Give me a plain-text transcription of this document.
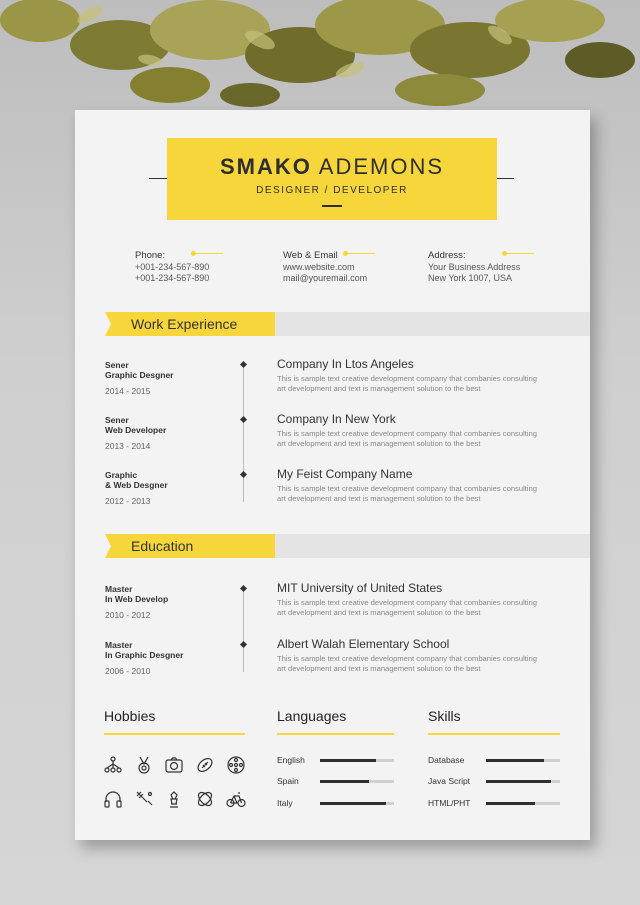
SMAKO ADEMONS
DESIGNER / DEVELOPER
Phone:
+001-234-567-890
+001-234-567-890
Web & Email
www.website.com
mail@youremail.com
Address:
Your Business Address
New York 1007, USA
Work Experience
Sener
Graphic Desgner
2014 - 2015
Company In Ltos Angeles
This is sample text creative development company that combanies consulting
art development and text is management solution to the best
Sener
Web Developer
2013 - 2014
Company In New York
This is sample text creative development company that combanies consulting
art development and text is management solution to the best
Graphic
& Web Desgner
2012 - 2013
My Feist Company Name
This is sample text creative development company that combanies consulting
art development and text is management solution to the best
Education
Master
In Web Develop
2010 - 2012
MIT University of United States
This is sample text creative development company that combanies consulting
art development and text is management solution to the best
Master
In Graphic Desgner
2006 - 2010
Albert Walah Elementary School
This is sample text creative development company that combanies consulting
art development and text is management solution to the best
Hobbies	Languages
English
Spain
Italy
Skills
Database
Java Script
HTML/PHT
